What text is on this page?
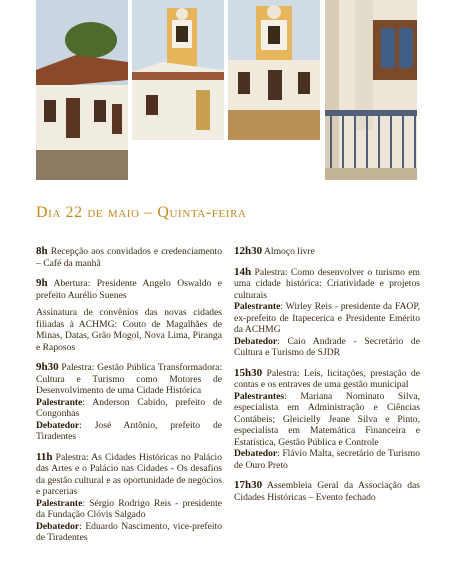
Dia 22 de maio – Quinta-feira

8h Recepção aos convidados e credenciamento – Café da manhã

9h Abertura: Presidente Angelo Oswaldo e prefeito Aurélio Suenes

Assinatura de convênios das novas cidades filiadas à ACHMG: Couto de Magalhães de Minas, Datas, Grão Mogol, Nova Lima, Piranga e Raposos

9h30 Palestra: Gestão Pública Transformadora: Cultura e Turismo como Motores de Desenvolvimento de uma Cidade Histórica

Palestrante: Anderson Cabido, prefeito de Congonhas

Debatedor: José Antônio, prefeito de Tiradentes

11h Palestra: As Cidades Históricas no Palácio das Artes e o Palácio nas Cidades - Os desafios da gestão cultural e as oportunidade de negócios e parcerias

Palestrante: Sérgio Rodrigo Reis - presidente da Fundação Clóvis Salgado

Debatedor: Eduardo Nascimento, vice-prefeito de Tiradentes

12h30 Almoço livre

14h Palestra: Como desenvolver o turismo em uma cidade histórica: Criatividade e projetos culturais

Palestrante: Wirley Reis - presidente da FAOP, ex-prefeito de Itapecerica e Presidente Emérito da ACHMG

Debatedor: Caio Andrade - Secretário de Cultura e Turismo de SJDR

15h30 Palestra: Leis, licitações, prestação de contas e os entraves de uma gestão municipal

Palestrantes: Mariana Nominato Silva, especialista em Administração e Ciências Contábeis; Gleicielly Jeane Silva e Pinto, especialista em Matemática Financeira e Estatística, Gestão Pública e Controle

Debatedor: Flávio Malta, secretário de Turismo de Ouro Preto

17h30 Assembleia Geral da Associação das Cidades Históricas – Evento fechado
